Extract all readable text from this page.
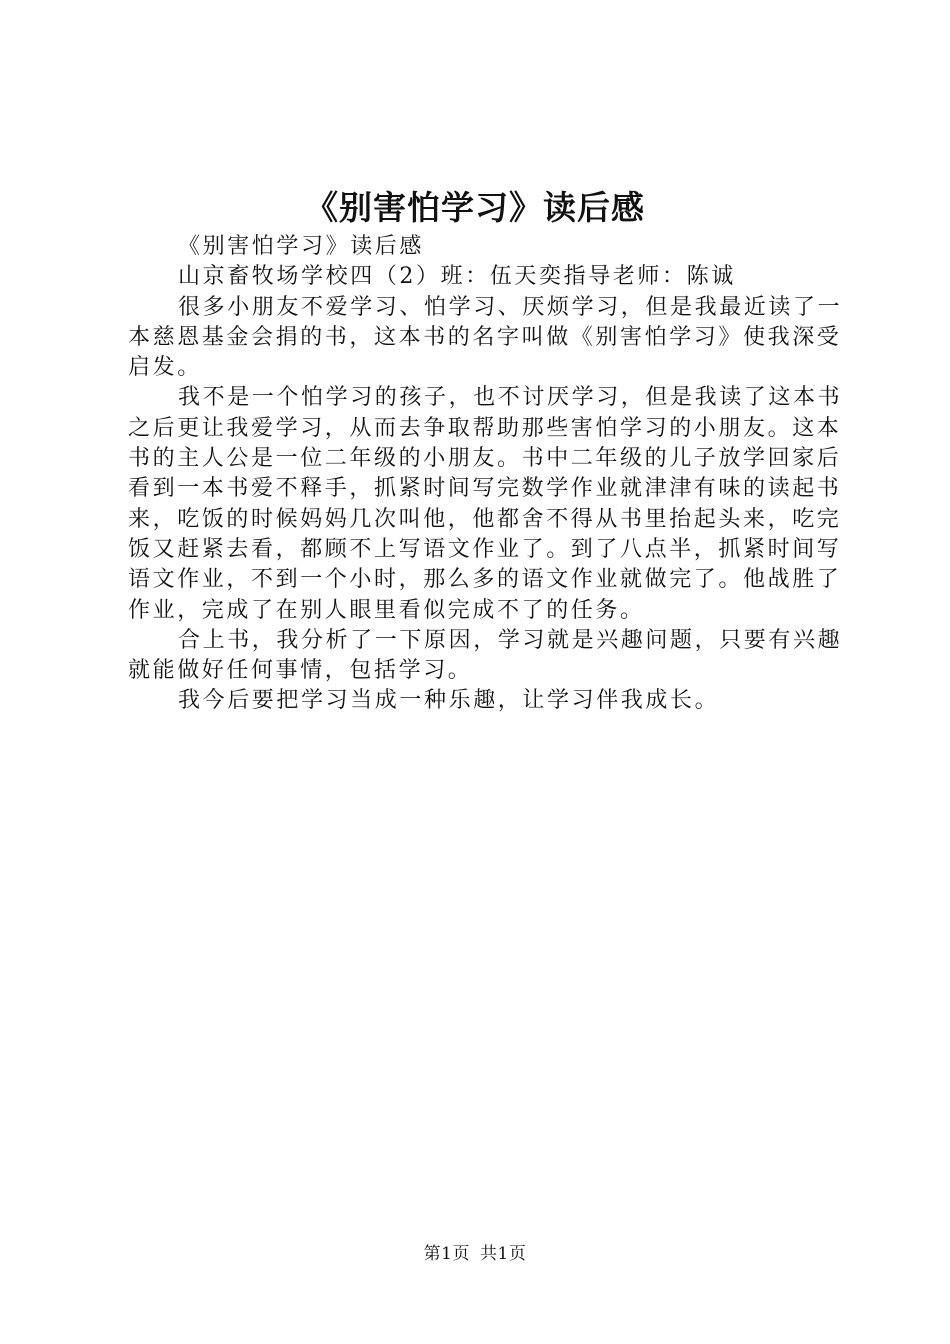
《别害怕学习》读后感

《别害怕学习》读后感

山京畜牧场学校四（2）班：伍天奕指导老师：陈诚

很多小朋友不爱学习、怕学习、厌烦学习，但是我最近读了一本慈恩基金会捐的书，这本书的名字叫做《别害怕学习》使我深受启发。

我不是一个怕学习的孩子，也不讨厌学习，但是我读了这本书之后更让我爱学习，从而去争取帮助那些害怕学习的小朋友。这本书的主人公是一位二年级的小朋友。书中二年级的儿子放学回家后看到一本书爱不释手，抓紧时间写完数学作业就津津有味的读起书来，吃饭的时候妈妈几次叫他，他都舍不得从书里抬起头来，吃完饭又赶紧去看，都顾不上写语文作业了。到了八点半，抓紧时间写语文作业，不到一个小时，那么多的语文作业就做完了。他战胜了作业，完成了在别人眼里看似完成不了的任务。

合上书，我分析了一下原因，学习就是兴趣问题，只要有兴趣就能做好任何事情，包括学习。

我今后要把学习当成一种乐趣，让学习伴我成长。

第1页 共1页
